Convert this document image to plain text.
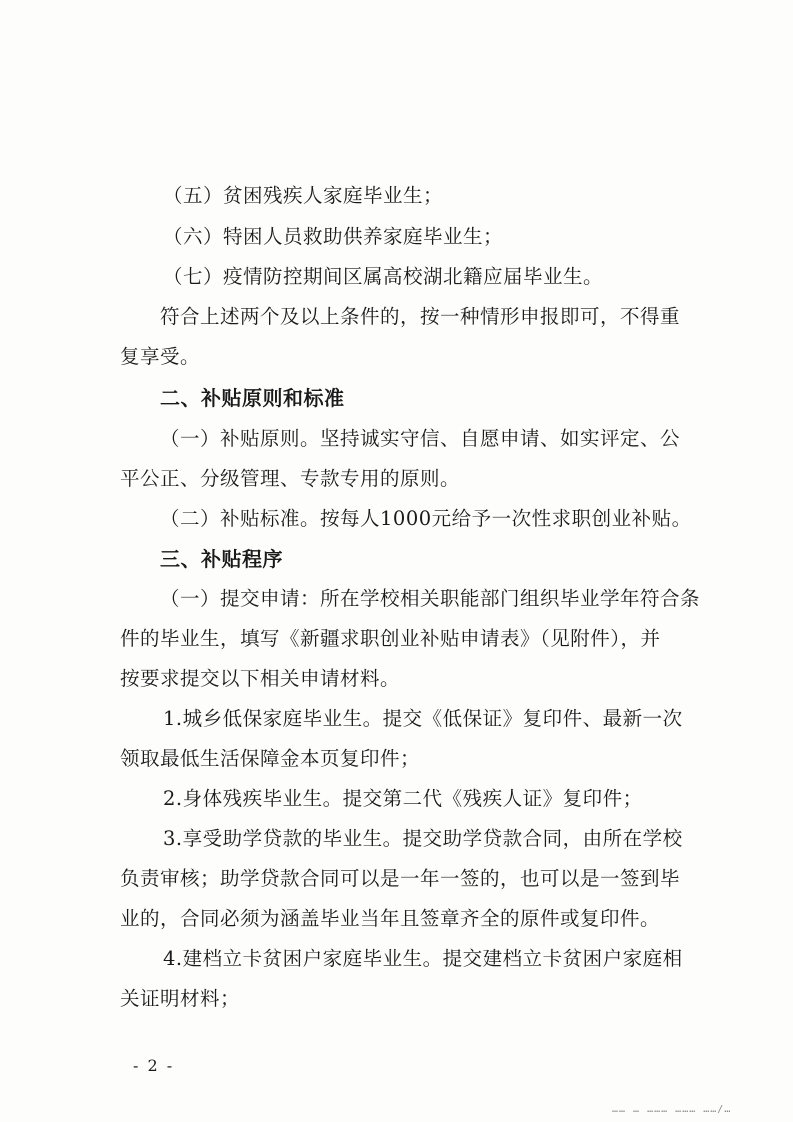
（五）贫困残疾人家庭毕业生；
（六）特困人员救助供养家庭毕业生；
（七）疫情防控期间区属高校湖北籍应届毕业生。
符合上述两个及以上条件的，按一种情形申报即可，不得重
复享受。
二、补贴原则和标准
（一）补贴原则。坚持诚实守信、自愿申请、如实评定、公
平公正、分级管理、专款专用的原则。
（二）补贴标准。按每人1000元给予一次性求职创业补贴。
三、补贴程序
（一）提交申请：所在学校相关职能部门组织毕业学年符合条
件的毕业生，填写《新疆求职创业补贴申请表》（见附件），并
按要求提交以下相关申请材料。
1.城乡低保家庭毕业生。提交《低保证》复印件、最新一次
领取最低生活保障金本页复印件；
2.身体残疾毕业生。提交第二代《残疾人证》复印件；
3.享受助学贷款的毕业生。提交助学贷款合同，由所在学校
负责审核；助学贷款合同可以是一年一签的，也可以是一签到毕
业的，合同必须为涵盖毕业当年且签章齐全的原件或复印件。
4.建档立卡贫困户家庭毕业生。提交建档立卡贫困户家庭相
关证明材料；
- 2 -
…… … ……… ……… ……/…
